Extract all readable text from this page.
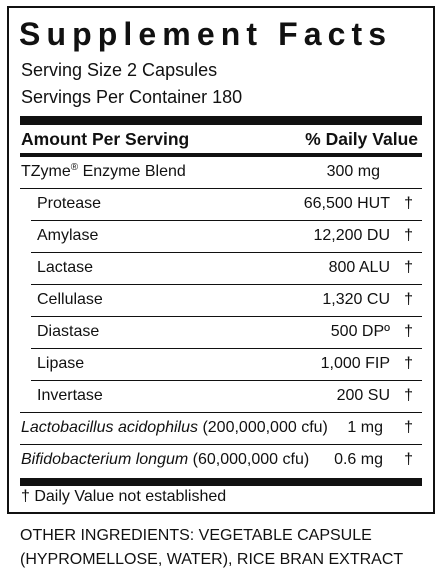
Supplement Facts
Serving Size 2 Capsules
Servings Per Container 180
Amount Per Serving	% Daily Value
TZyme® Enzyme Blend	300 mg
Protease	66,500 HUT †
Amylase	12,200 DU †
Lactase	800 ALU †
Cellulase	1,320 CU †
Diastase	500 DPº †
Lipase	1,000 FIP †
Invertase	200 SU †
Lactobacillus acidophilus (200,000,000 cfu) 1 mg †
Bifidobacterium longum (60,000,000 cfu) 0.6 mg †
† Daily Value not established
OTHER INGREDIENTS: VEGETABLE CAPSULE
(HYPROMELLOSE, WATER), RICE BRAN EXTRACT
